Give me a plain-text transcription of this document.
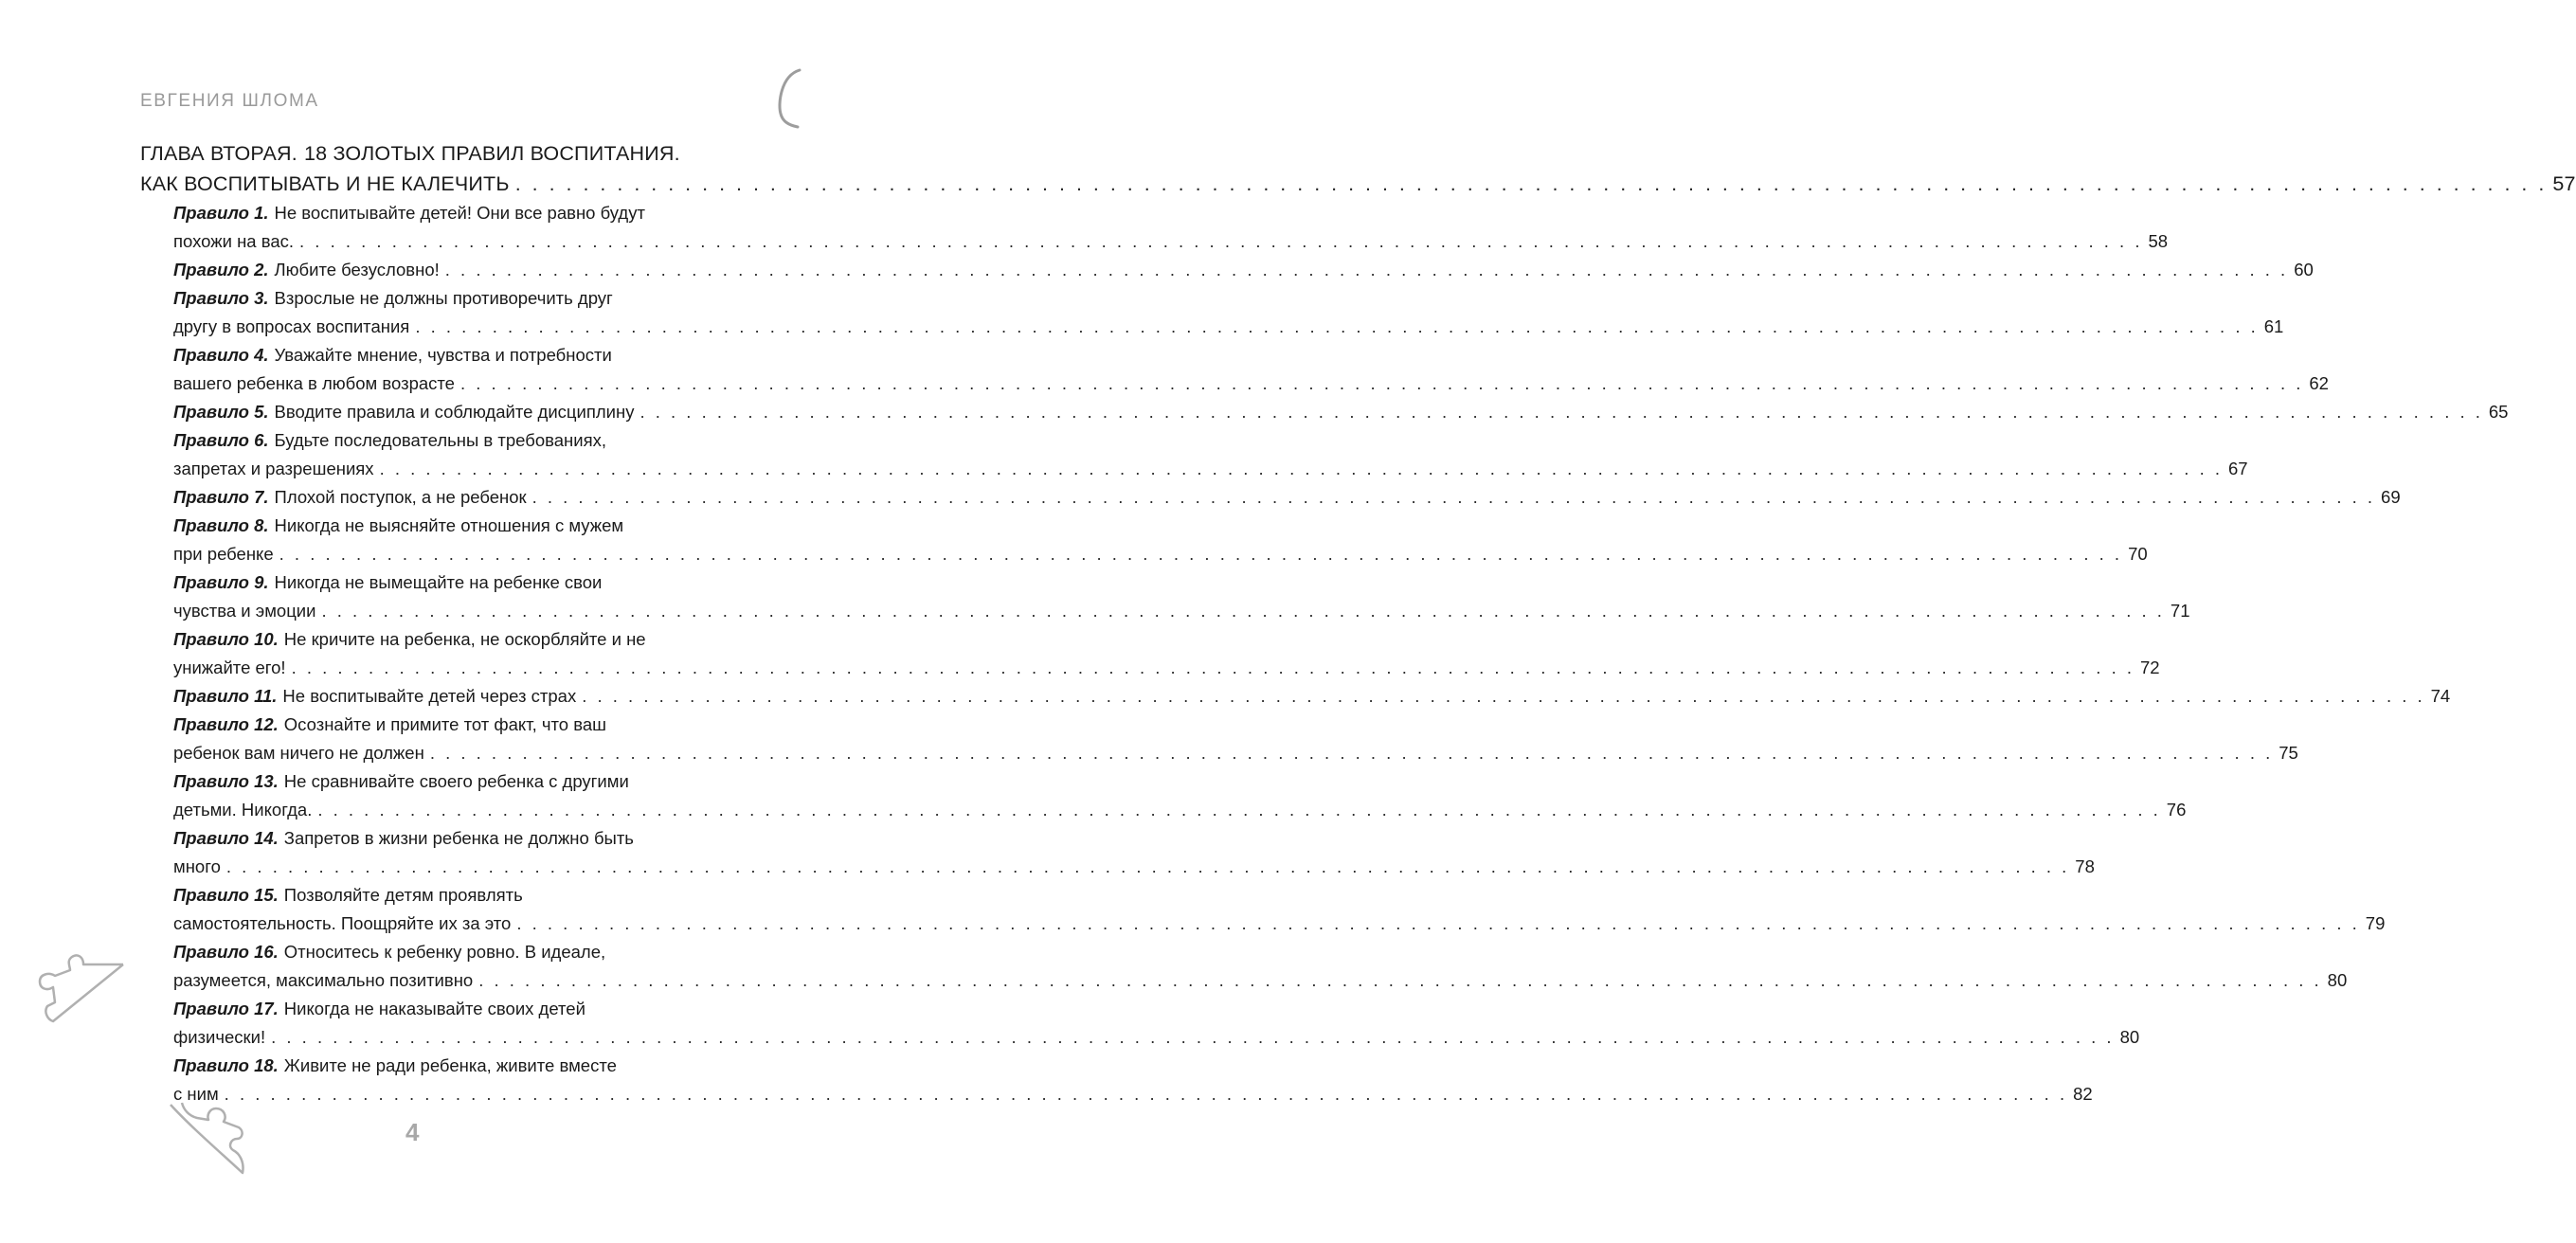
ЕВГЕНИЯ ШЛОМА
ГЛАВА ВТОРАЯ. 18 ЗОЛОТЫХ ПРАВИЛ ВОСПИТАНИЯ.
КАК ВОСПИТЫВАТЬ И НЕ КАЛЕЧИТЬ . . . . . . . . . . . . . . . . . . . . . . . . . . . . . . . . . . . . . . . . . . . . . . . . . . . . . . . . . . . . . . . . . . . . . . . . . . . . . . . . . . . . . . . . . . . . . . . . . . . . . . . . . . . . . . . . . . . . . . . . 57
Правило 1. Не воспитывайте детей! Они все равно будут
похожи на вас. . . . . . . . . . . . . . . . . . . . . . . . . . . . . . . . . . . . . . . . . . . . . . . . . . . . . . . . . . . . . . . . . . . . . . . . . . . . . . . . . . . . . . . . . . . . . . . . . . . . . . . . . . . . . . . . . . . . . . . . . 58
Правило 2. Любите безусловно! . . . . . . . . . . . . . . . . . . . . . . . . . . . . . . . . . . . . . . . . . . . . . . . . . . . . . . . . . . . . . . . . . . . . . . . . . . . . . . . . . . . . . . . . . . . . . . . . . . . . . . . . . . . . . . . . . . . . . . . . 60
Правило 3. Взрослые не должны противоречить друг
другу в вопросах воспитания . . . . . . . . . . . . . . . . . . . . . . . . . . . . . . . . . . . . . . . . . . . . . . . . . . . . . . . . . . . . . . . . . . . . . . . . . . . . . . . . . . . . . . . . . . . . . . . . . . . . . . . . . . . . . . . . . . . . . . . . 61
Правило 4. Уважайте мнение, чувства и потребности
вашего ребенка в любом возрасте . . . . . . . . . . . . . . . . . . . . . . . . . . . . . . . . . . . . . . . . . . . . . . . . . . . . . . . . . . . . . . . . . . . . . . . . . . . . . . . . . . . . . . . . . . . . . . . . . . . . . . . . . . . . . . . . . . . . . . . . 62
Правило 5. Вводите правила и соблюдайте дисциплину . . . . . . . . . . . . . . . . . . . . . . . . . . . . . . . . . . . . . . . . . . . . . . . . . . . . . . . . . . . . . . . . . . . . . . . . . . . . . . . . . . . . . . . . . . . . . . . . . . . . . . . . . . . . . . . . . . . . . . . . 65
Правило 6. Будьте последовательны в требованиях,
запретах и разрешениях . . . . . . . . . . . . . . . . . . . . . . . . . . . . . . . . . . . . . . . . . . . . . . . . . . . . . . . . . . . . . . . . . . . . . . . . . . . . . . . . . . . . . . . . . . . . . . . . . . . . . . . . . . . . . . . . . . . . . . . . 67
Правило 7. Плохой поступок, а не ребенок . . . . . . . . . . . . . . . . . . . . . . . . . . . . . . . . . . . . . . . . . . . . . . . . . . . . . . . . . . . . . . . . . . . . . . . . . . . . . . . . . . . . . . . . . . . . . . . . . . . . . . . . . . . . . . . . . . . . . . . . 69
Правило 8. Никогда не выясняйте отношения с мужем
при ребенке . . . . . . . . . . . . . . . . . . . . . . . . . . . . . . . . . . . . . . . . . . . . . . . . . . . . . . . . . . . . . . . . . . . . . . . . . . . . . . . . . . . . . . . . . . . . . . . . . . . . . . . . . . . . . . . . . . . . . . . . 70
Правило 9. Никогда не вымещайте на ребенке свои
чувства и эмоции . . . . . . . . . . . . . . . . . . . . . . . . . . . . . . . . . . . . . . . . . . . . . . . . . . . . . . . . . . . . . . . . . . . . . . . . . . . . . . . . . . . . . . . . . . . . . . . . . . . . . . . . . . . . . . . . . . . . . . . . 71
Правило 10. Не кричите на ребенка, не оскорбляйте и не
унижайте его! . . . . . . . . . . . . . . . . . . . . . . . . . . . . . . . . . . . . . . . . . . . . . . . . . . . . . . . . . . . . . . . . . . . . . . . . . . . . . . . . . . . . . . . . . . . . . . . . . . . . . . . . . . . . . . . . . . . . . . . . 72
Правило 11. Не воспитывайте детей через страх . . . . . . . . . . . . . . . . . . . . . . . . . . . . . . . . . . . . . . . . . . . . . . . . . . . . . . . . . . . . . . . . . . . . . . . . . . . . . . . . . . . . . . . . . . . . . . . . . . . . . . . . . . . . . . . . . . . . . . . . 74
Правило 12. Осознайте и примите тот факт, что ваш
ребенок вам ничего не должен . . . . . . . . . . . . . . . . . . . . . . . . . . . . . . . . . . . . . . . . . . . . . . . . . . . . . . . . . . . . . . . . . . . . . . . . . . . . . . . . . . . . . . . . . . . . . . . . . . . . . . . . . . . . . . . . . . . . . . . . 75
Правило 13. Не сравнивайте своего ребенка с другими
детьми. Никогда. . . . . . . . . . . . . . . . . . . . . . . . . . . . . . . . . . . . . . . . . . . . . . . . . . . . . . . . . . . . . . . . . . . . . . . . . . . . . . . . . . . . . . . . . . . . . . . . . . . . . . . . . . . . . . . . . . . . . . . . . 76
Правило 14. Запретов в жизни ребенка не должно быть
много . . . . . . . . . . . . . . . . . . . . . . . . . . . . . . . . . . . . . . . . . . . . . . . . . . . . . . . . . . . . . . . . . . . . . . . . . . . . . . . . . . . . . . . . . . . . . . . . . . . . . . . . . . . . . . . . . . . . . . . . 78
Правило 15. Позволяйте детям проявлять
самостоятельность. Поощряйте их за это . . . . . . . . . . . . . . . . . . . . . . . . . . . . . . . . . . . . . . . . . . . . . . . . . . . . . . . . . . . . . . . . . . . . . . . . . . . . . . . . . . . . . . . . . . . . . . . . . . . . . . . . . . . . . . . . . . . . . . . . 79
Правило 16. Относитесь к ребенку ровно. В идеале,
разумеется, максимально позитивно . . . . . . . . . . . . . . . . . . . . . . . . . . . . . . . . . . . . . . . . . . . . . . . . . . . . . . . . . . . . . . . . . . . . . . . . . . . . . . . . . . . . . . . . . . . . . . . . . . . . . . . . . . . . . . . . . . . . . . . . 80
Правило 17. Никогда не наказывайте своих детей
физически! . . . . . . . . . . . . . . . . . . . . . . . . . . . . . . . . . . . . . . . . . . . . . . . . . . . . . . . . . . . . . . . . . . . . . . . . . . . . . . . . . . . . . . . . . . . . . . . . . . . . . . . . . . . . . . . . . . . . . . . . 80
Правило 18. Живите не ради ребенка, живите вместе
с ним . . . . . . . . . . . . . . . . . . . . . . . . . . . . . . . . . . . . . . . . . . . . . . . . . . . . . . . . . . . . . . . . . . . . . . . . . . . . . . . . . . . . . . . . . . . . . . . . . . . . . . . . . . . . . . . . . . . . . . . . 82
4
